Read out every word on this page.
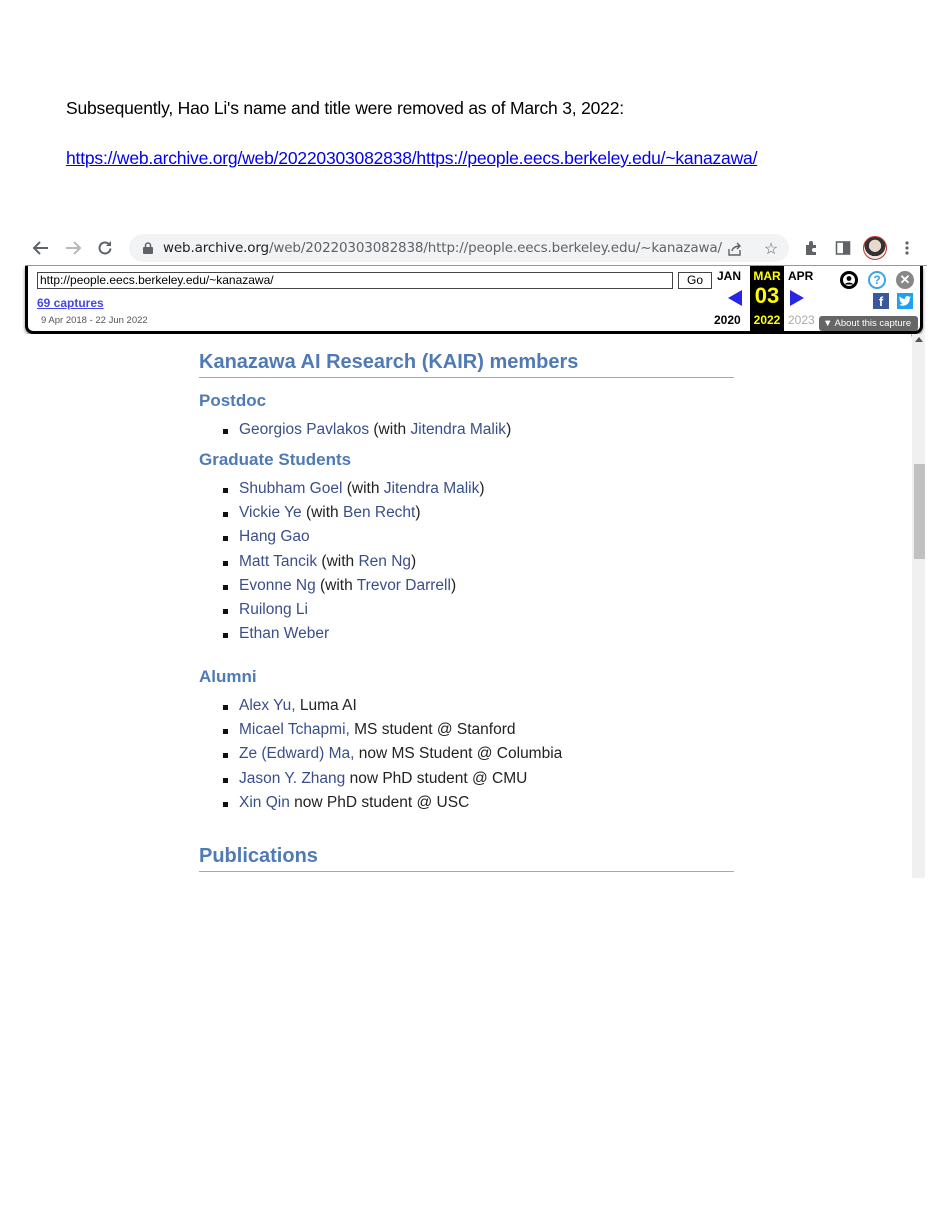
Subsequently, Hao Li's name and title were removed as of March 3, 2022:
https://web.archive.org/web/20220303082838/https://people.eecs.berkeley.edu/~kanazawa/
web.archive.org/web/20220303082838/http://people.eecs.berkeley.edu/~kanazawa/	☆
http://people.eecs.berkeley.edu/~kanazawa/	Go
69 captures
9 Apr 2018 - 22 Jun 2022
JAN
2020
MAR
03
2022
APR
2023
?	✕
f
▼ About this capture
Kanazawa AI Research (KAIR) members
Postdoc
Georgios Pavlakos (with Jitendra Malik)
Graduate Students
Shubham Goel (with Jitendra Malik)
Vickie Ye (with Ben Recht)
Hang Gao
Matt Tancik (with Ren Ng)
Evonne Ng (with Trevor Darrell)
Ruilong Li
Ethan Weber
Alumni
Alex Yu, Luma AI
Micael Tchapmi, MS student @ Stanford
Ze (Edward) Ma, now MS Student @ Columbia
Jason Y. Zhang now PhD student @ CMU
Xin Qin now PhD student @ USC
Publications
